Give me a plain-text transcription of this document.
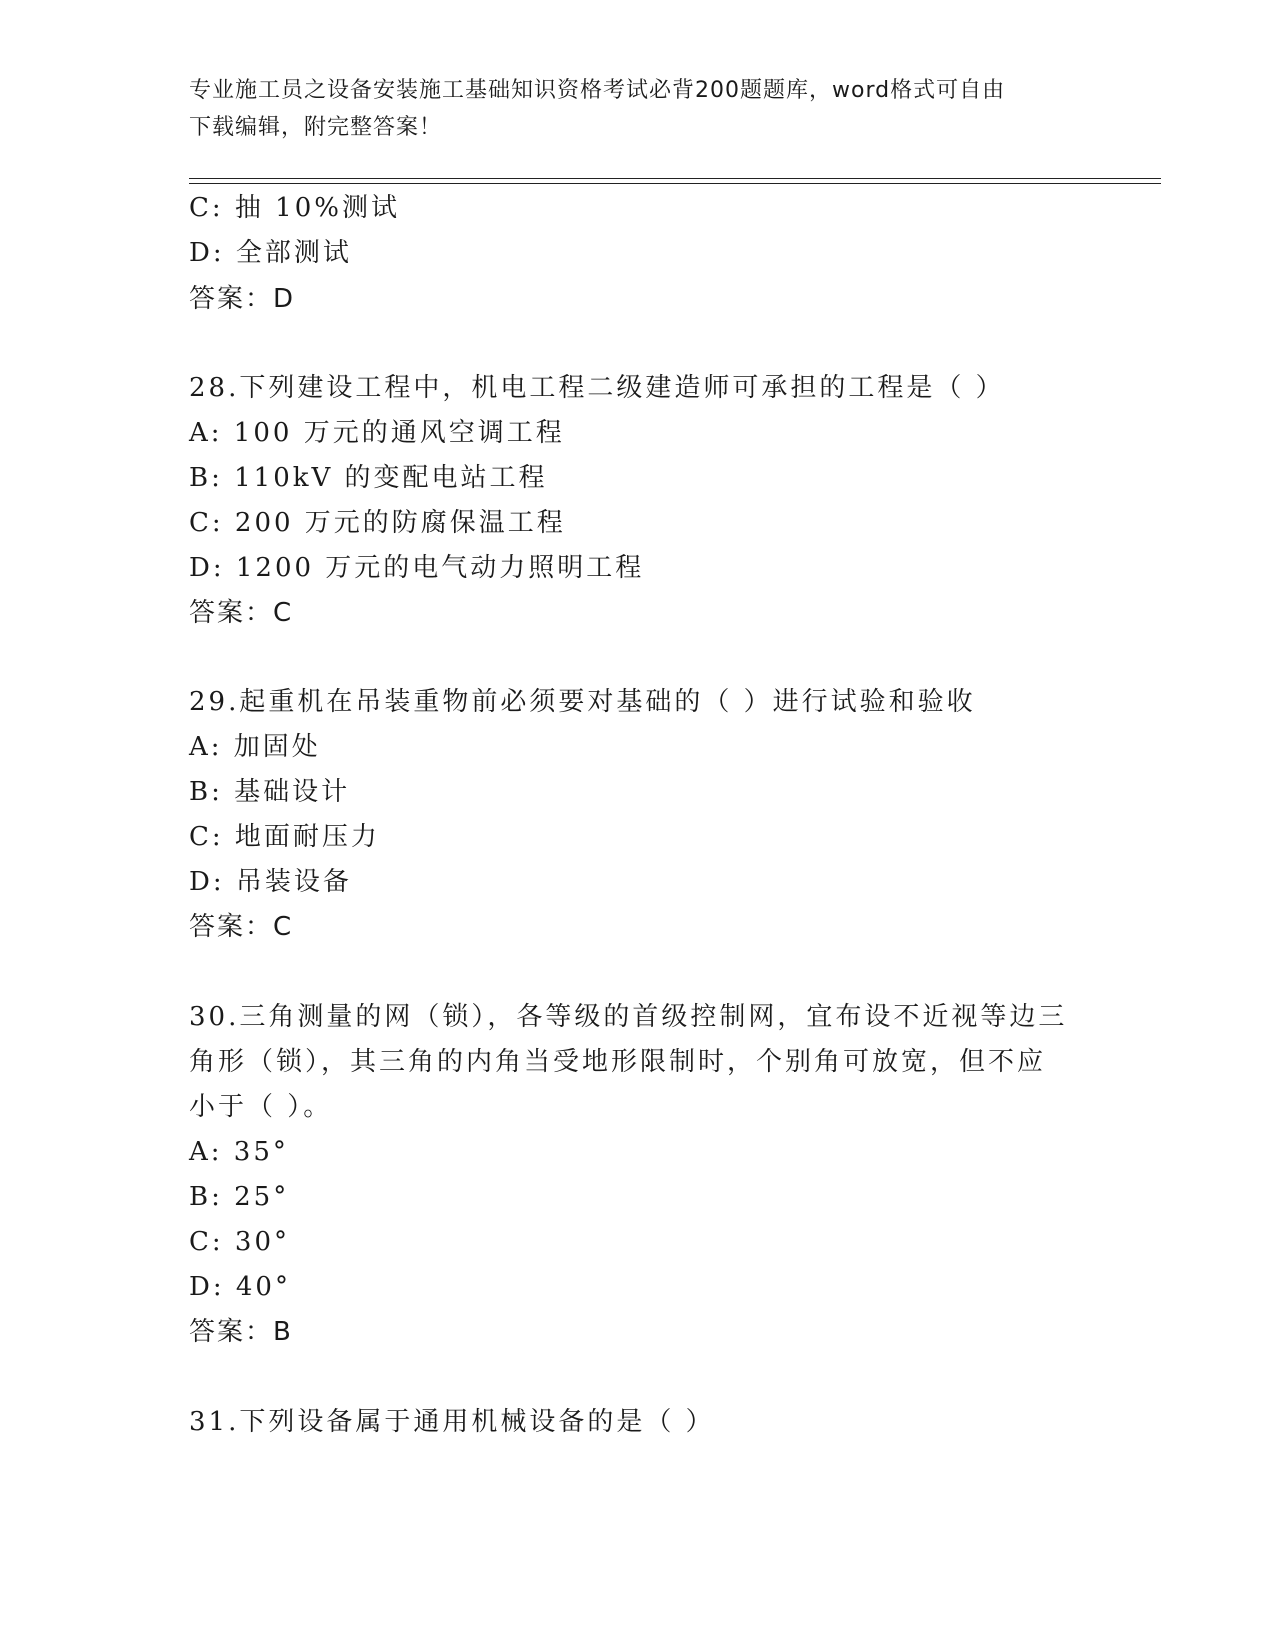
专业施工员之设备安装施工基础知识资格考试必背200题题库，word格式可自由
下载编辑，附完整答案！
C: 抽 10%测试
D: 全部测试
答案：D
28.下列建设工程中，机电工程二级建造师可承担的工程是（ ）
A: 100 万元的通风空调工程
B: 110kV 的变配电站工程
C: 200 万元的防腐保温工程
D: 1200 万元的电气动力照明工程
答案：C
29.起重机在吊装重物前必须要对基础的（ ）进行试验和验收
A: 加固处
B: 基础设计
C: 地面耐压力
D: 吊装设备
答案：C
30.三角测量的网（锁），各等级的首级控制网，宜布设不近视等边三
角形（锁），其三角的内角当受地形限制时，个别角可放宽，但不应
小于（ ）。
A: 35°
B: 25°
C: 30°
D: 40°
答案：B
31.下列设备属于通用机械设备的是（ ）
